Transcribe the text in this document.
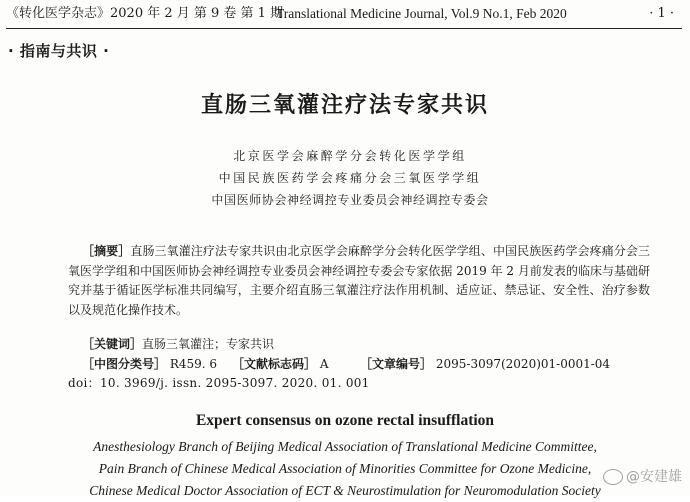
《转化医学杂志》2020 年 2 月 第 9 卷 第 1 期
Translational Medicine Journal, Vol.9 No.1, Feb 2020	· 1 ·
· 指南与共识 ·
直肠三氧灌注疗法专家共识
北京医学会麻醉学分会转化医学学组
中国民族医药学会疼痛分会三氧医学学组
中国医师协会神经调控专业委员会神经调控专委会
［摘要］直肠三氧灌注疗法专家共识由北京医学会麻醉学分会转化医学学组、中国民族医药学会疼痛分会三氧医学学组和中国医师协会神经调控专业委员会神经调控专委会专家依据 2019 年 2 月前发表的临床与基础研究并基于循证医学标准共同编写，主要介绍直肠三氧灌注疗法作用机制、适应证、禁忌证、安全性、治疗参数以及规范化操作技术。
［关键词］直肠三氧灌注；专家共识
［中图分类号］ R459. 6 ［文献标志码］ A	［文章编号］ 2095-3097(2020)01-0001-04
doi：10. 3969/j. issn. 2095-3097. 2020. 01. 001
Expert consensus on ozone rectal insufflation
Anesthesiology Branch of Beijing Medical Association of Translational Medicine Committee,
Pain Branch of Chinese Medical Association of Minorities Committee for Ozone Medicine,
Chinese Medical Doctor Association of ECT & Neurostimulation for Neuromodulation Society
@安建雄
